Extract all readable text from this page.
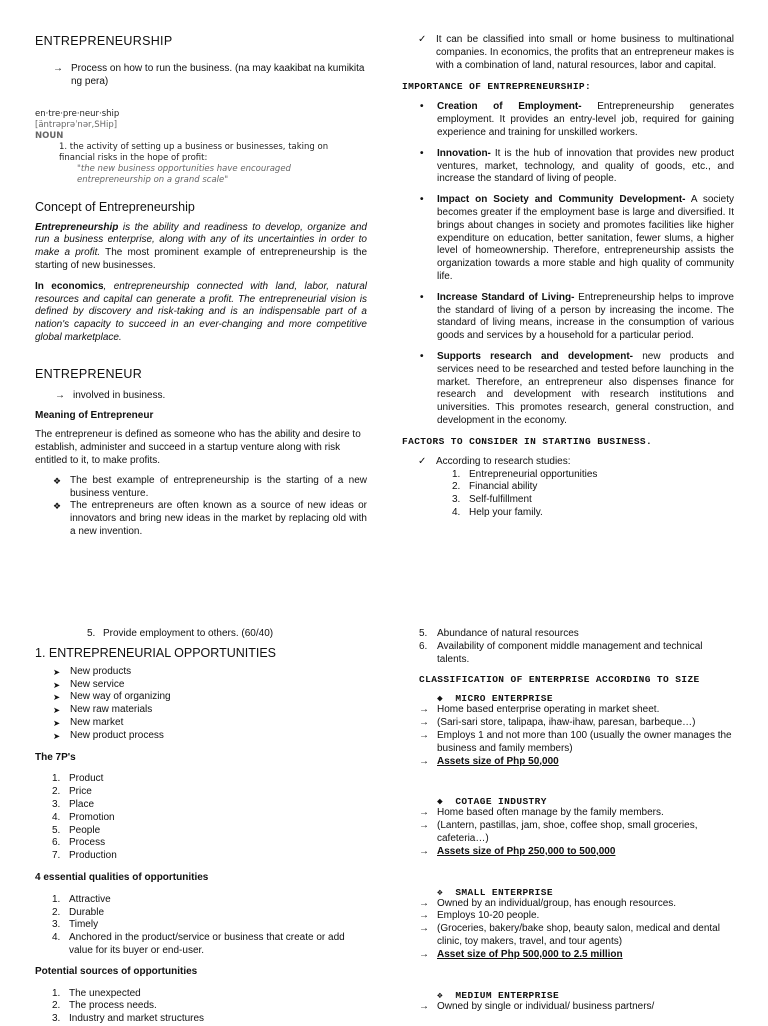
ENTREPRENEURSHIP
→ Process on how to run the business. (na may kaakibat na kumikita ng pera)
en·tre·pre·neur·ship
[äntrəprəˈnər,SHip]
NOUN
1. the activity of setting up a business or businesses, taking on financial risks in the hope of profit:
"the new business opportunities have encouraged entrepreneurship on a grand scale"
Concept of Entrepreneurship
Entrepreneurship is the ability and readiness to develop, organize and run a business enterprise, along with any of its uncertainties in order to make a profit. The most prominent example of entrepreneurship is the starting of new businesses.
In economics, entrepreneurship connected with land, labor, natural resources and capital can generate a profit. The entrepreneurial vision is defined by discovery and risk-taking and is an indispensable part of a nation's capacity to succeed in an ever-changing and more competitive global marketplace.
ENTREPRENEUR
→ involved in business.
Meaning of Entrepreneur
The entrepreneur is defined as someone who has the ability and desire to establish, administer and succeed in a startup venture along with risk entitled to it, to make profits.
❖ The best example of entrepreneurship is the starting of a new business venture.
❖ The entrepreneurs are often known as a source of new ideas or innovators and bring new ideas in the market by replacing old with a new invention.
✓ It can be classified into small or home business to multinational companies. In economics, the profits that an entrepreneur makes is with a combination of land, natural resources, labor and capital.
IMPORTANCE OF ENTREPRENEURSHIP:
•	Creation of Employment- Entrepreneurship generates employment. It provides an entry-level job, required for gaining experience and training for unskilled workers.
•	Innovation- It is the hub of innovation that provides new product ventures, market, technology, and quality of goods, etc., and increase the standard of living of people.
•	Impact on Society and Community Development- A society becomes greater if the employment base is large and diversified. It brings about changes in society and promotes facilities like higher expenditure on education, better sanitation, fewer slums, a higher level of homeownership. Therefore, entrepreneurship assists the organization towards a more stable and high quality of community life.
•	Increase Standard of Living- Entrepreneurship helps to improve the standard of living of a person by increasing the income. The standard of living means, increase in the consumption of various goods and services by a household for a particular period.
•	Supports research and development- new products and services need to be researched and tested before launching in the market. Therefore, an entrepreneur also dispenses finance for research and development with research institutions and universities. This promotes research, general construction, and development in the economy.
FACTORS TO CONSIDER IN STARTING BUSINESS.
✓ According to research studies:
1. Entrepreneurial opportunities
2. Financial ability
3. Self-fulfillment
4. Help your family.
5. Provide employment to others. (60/40)
1. ENTREPRENEURIAL OPPORTUNITIES
➤ New products
➤ New service
➤ New way of organizing
➤ New raw materials
➤ New market
➤ New product process
The 7P's
1. Product
2. Price
3. Place
4. Promotion
5. People
6. Process
7. Production
4 essential qualities of opportunities
1. Attractive
2. Durable
3. Timely
4. Anchored in the product/service or business that create or add value for its buyer or end-user.
Potential sources of opportunities
1. The unexpected
2. The process needs.
3. Industry and market structures
5. Abundance of natural resources
6. Availability of component middle management and technical talents.
CLASSIFICATION OF ENTERPRISE ACCORDING TO SIZE
◆ MICRO ENTERPRISE
→ Home based enterprise operating in market sheet.
→ (Sari-sari store, talipapa, ihaw-ihaw, paresan, barbeque…)
→ Employs 1 and not more than 100 (usually the owner manages the business and family members)
→ Assets size of Php 50,000
◆ COTAGE INDUSTRY
→ Home based often manage by the family members.
→ (Lantern, pastillas, jam, shoe, coffee shop, small groceries, cafeteria…)
→ Assets size of Php 250,000 to 500,000
❖ SMALL ENTERPRISE
→ Owned by an individual/group, has enough resources.
→ Employs 10-20 people.
→ (Groceries, bakery/bake shop, beauty salon, medical and dental clinic, toy makers, travel, and tour agents)
→ Asset size of Php 500,000 to 2.5 million
❖ MEDIUM ENTERPRISE
→ Owned by single or individual/ business partners/
